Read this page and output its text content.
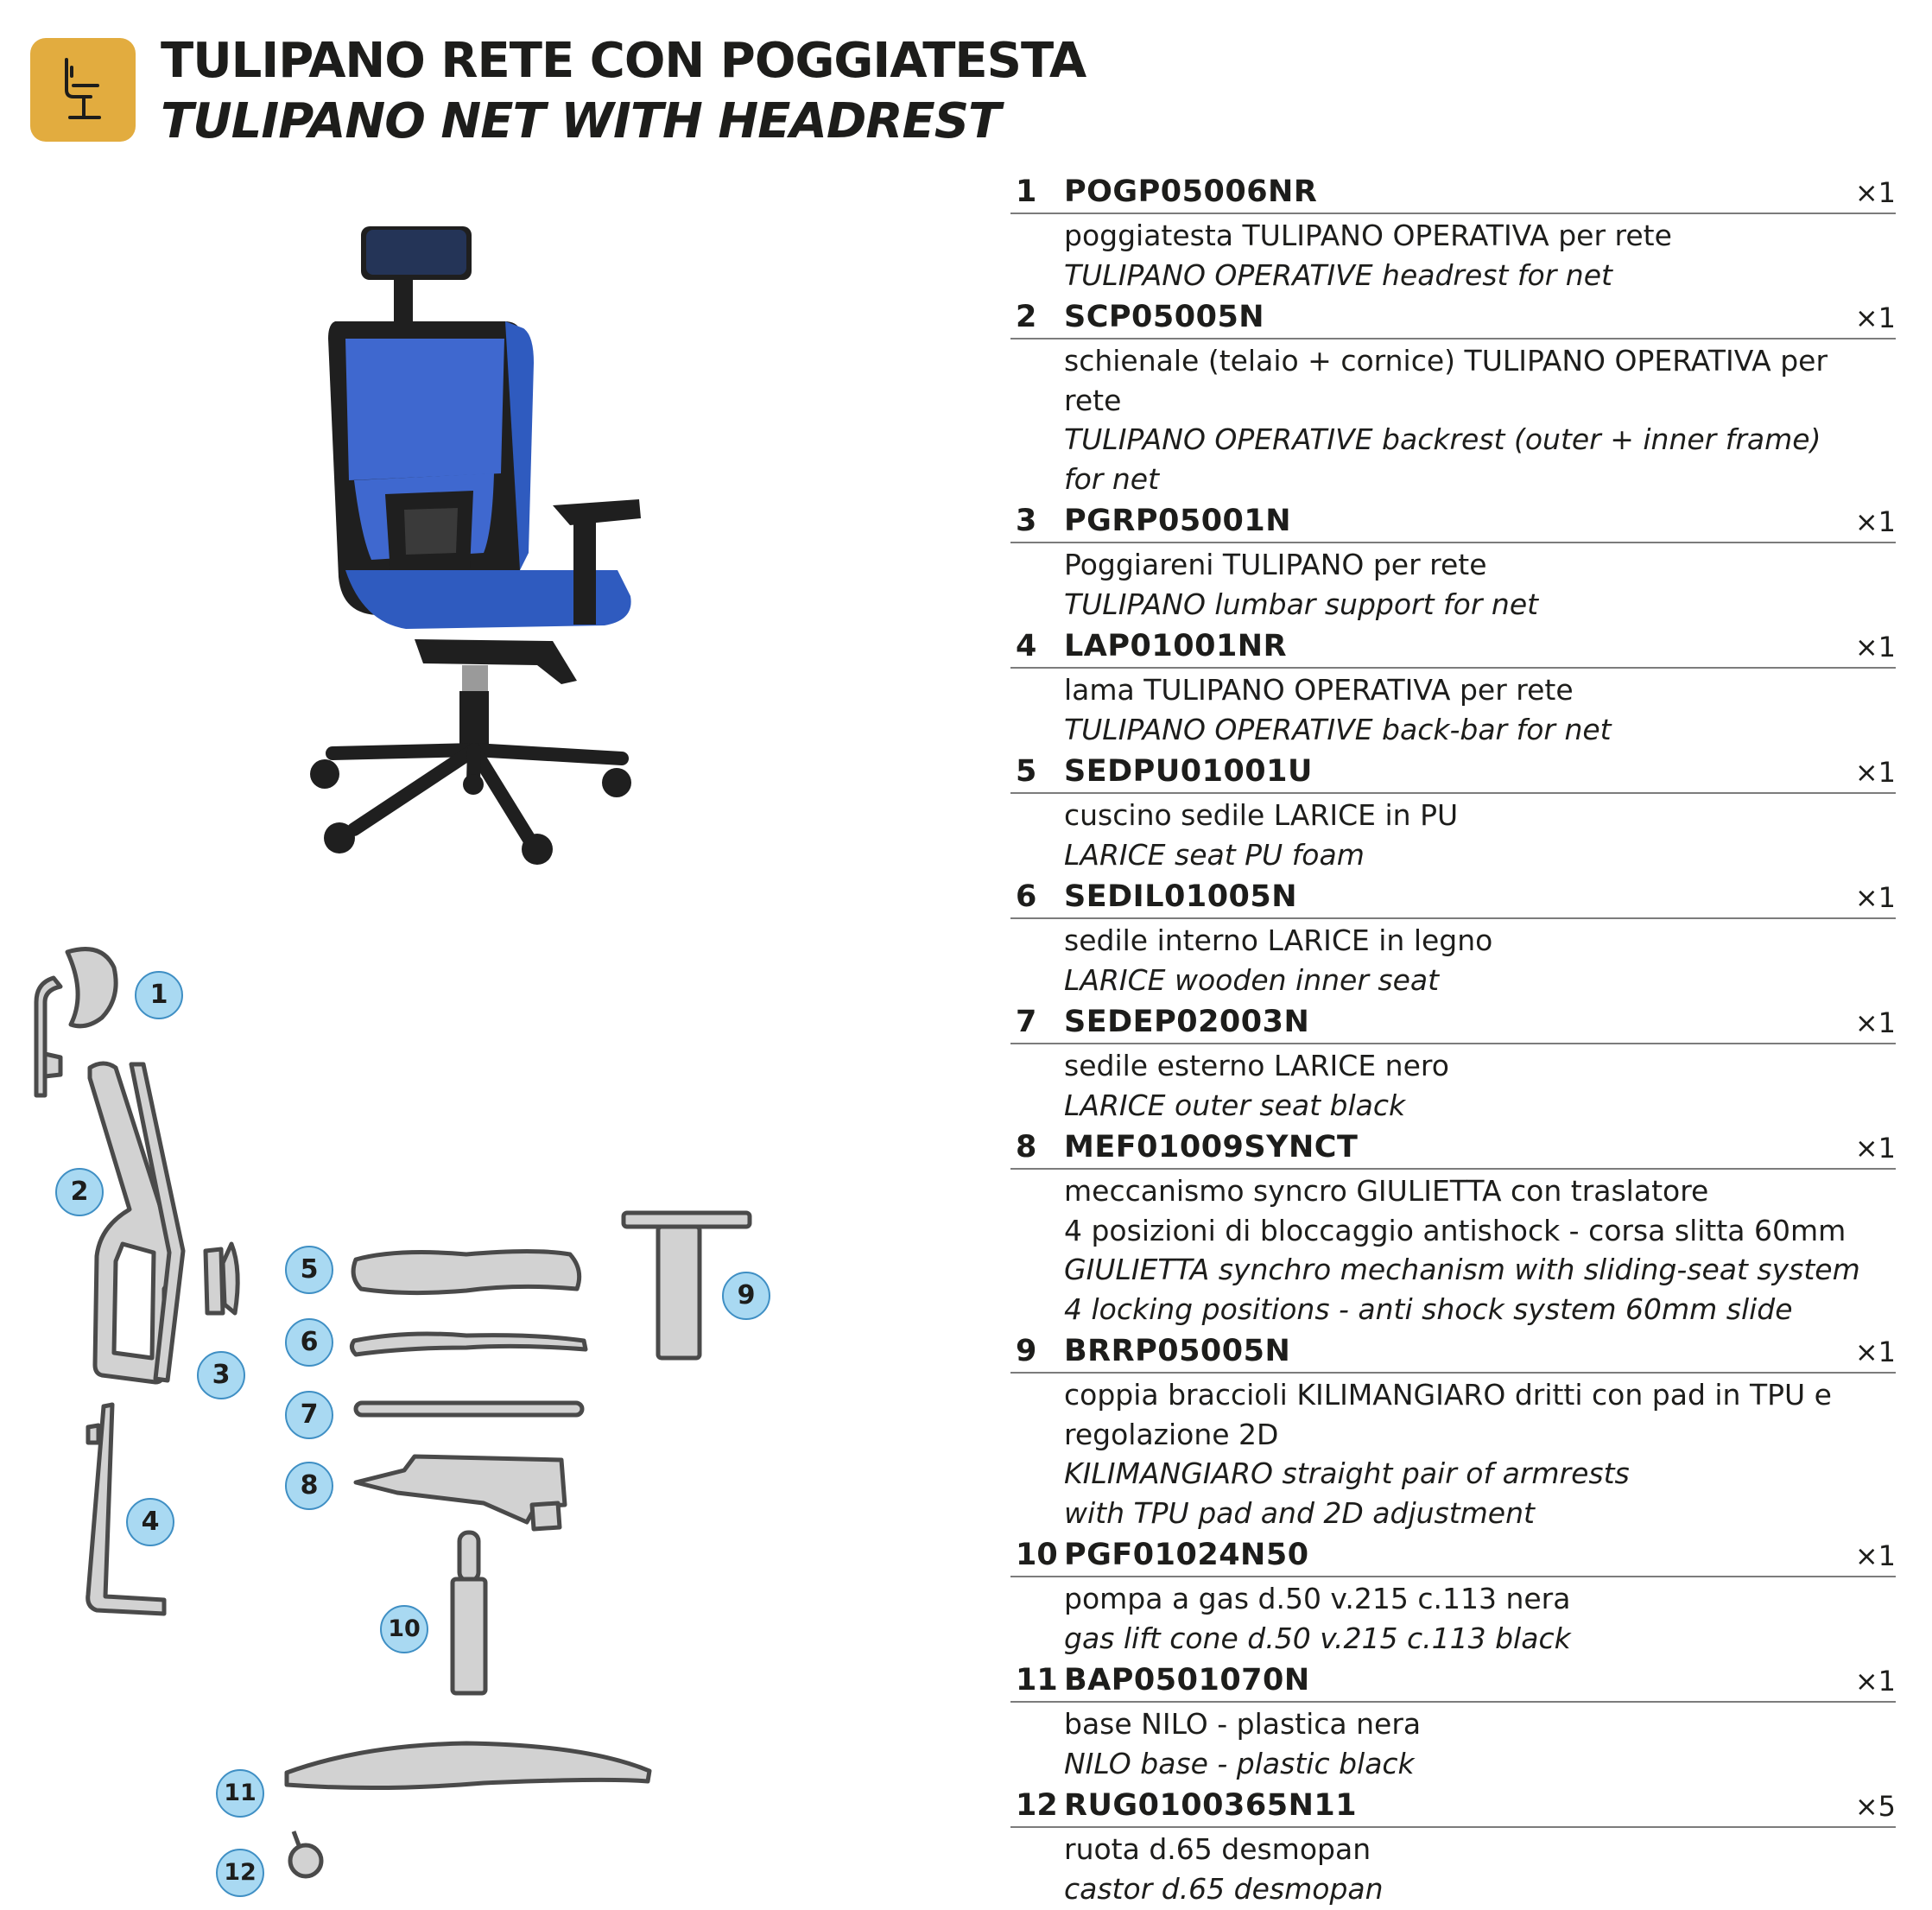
TULIPANO RETE CON POGGIATESTA
TULIPANO NET WITH HEADREST
1
2
3
4
5
6
7
8
9
10
11
12
1 POGP05006NR	×1
poggiatesta TULIPANO OPERATIVA per rete
TULIPANO OPERATIVE headrest for net
2 SCP05005N	×1
schienale (telaio + cornice) TULIPANO OPERATIVA per
rete
TULIPANO OPERATIVE backrest (outer + inner frame)
for net
3 PGRP05001N	×1
Poggiareni TULIPANO per rete
TULIPANO lumbar support for net
4 LAP01001NR	×1
lama TULIPANO OPERATIVA per rete
TULIPANO OPERATIVE back-bar for net
5 SEDPU01001U	×1
cuscino sedile LARICE in PU
LARICE seat PU foam
6 SEDIL01005N	×1
sedile interno LARICE in legno
LARICE wooden inner seat
7 SEDEP02003N	×1
sedile esterno LARICE nero
LARICE outer seat black
8 MEF01009SYNCT	×1
meccanismo syncro GIULIETTA con traslatore
4 posizioni di bloccaggio antishock - corsa slitta 60mm
GIULIETTA synchro mechanism with sliding-seat system
4 locking positions - anti shock system 60mm slide
9 BRRP05005N	×1
coppia braccioli KILIMANGIARO dritti con pad in TPU e
regolazione 2D
KILIMANGIARO straight pair of armrests
with TPU pad and 2D adjustment
10 PGF01024N50	×1
pompa a gas d.50 v.215 c.113 nera
gas lift cone d.50 v.215 c.113 black
11 BAP0501070N	×1
base NILO - plastica nera
NILO base - plastic black
12 RUG0100365N11	×5
ruota d.65 desmopan
castor d.65 desmopan
